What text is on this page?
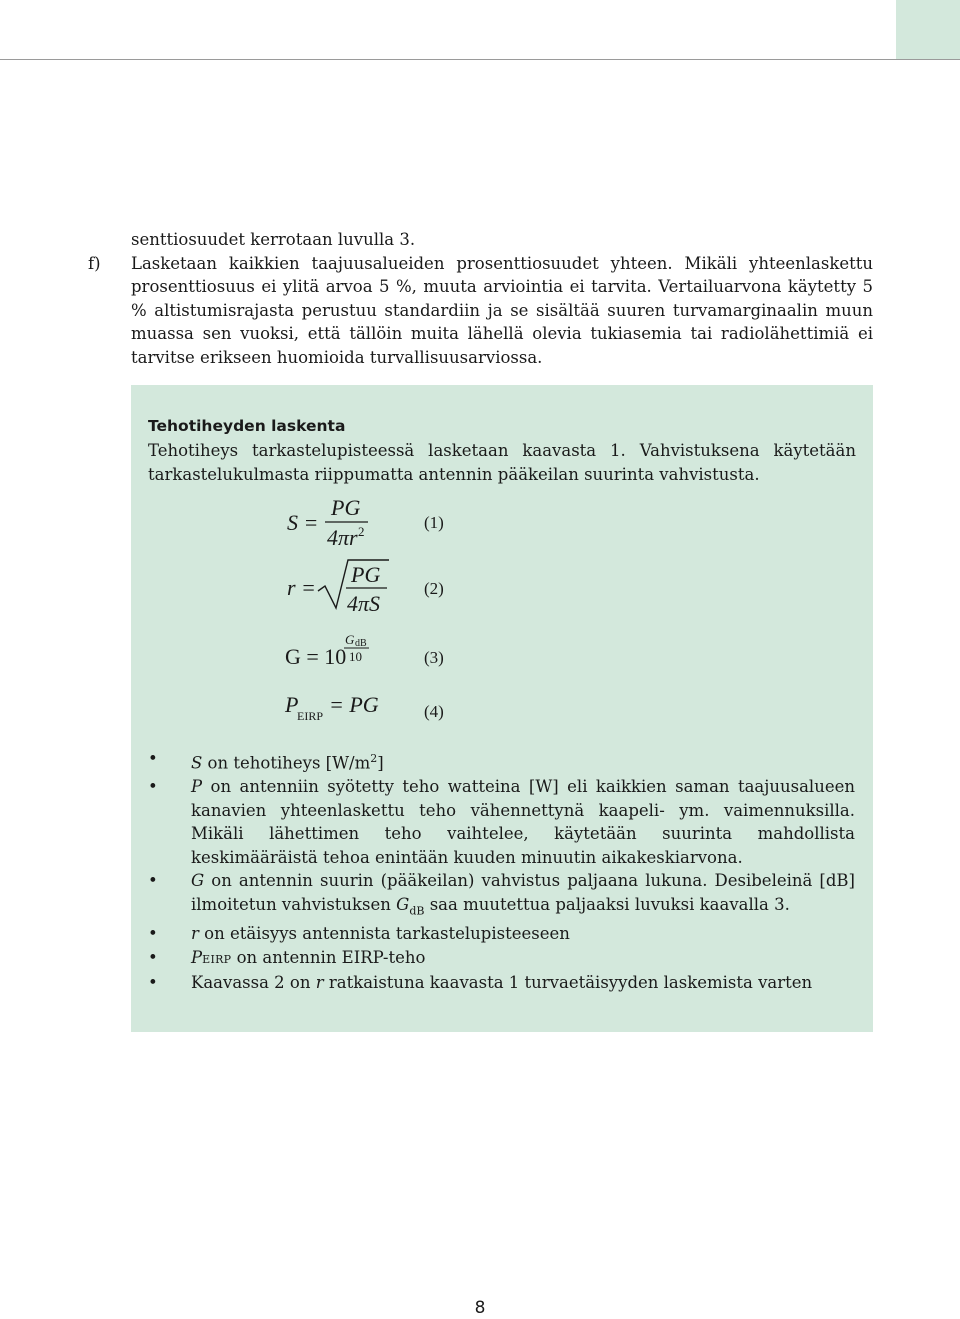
senttiosuudet kerrotaan luvulla 3.

f) Lasketaan kaikkien taajuusalueiden prosenttiosuudet yhteen. Mikäli yhteenlaskettu prosenttiosuus ei ylitä arvoa 5 %, muuta arviointia ei tarvita. Vertailuarvona käytetty 5 % altistumisrajasta perustuu standardiin ja se sisältää suuren turvamarginaalin muun muassa sen vuoksi, että tällöin muita lähellä olevia tukiasemia tai radiolähettimiä ei tarvitse erikseen huomioida turvallisuusarviossa.

Tehotiheyden laskenta

Tehotiheys tarkastelupisteessä lasketaan kaavasta 1. Vahvistuksena käytetään tarkastelukulmasta riippumatta antennin pääkeilan suurinta vahvistusta.

S =
PG
4πr 2	(1)
r =
PG
4πS
(2)
G = 10
G dB
10	(3)
P
EIRP = PG	(4)
• S on tehotiheys $[W/m^2]$
• P on antenniin syötetty teho watteina [W] eli kaikkien saman taajuusalueen kanavien yhteenlaskettu teho vähennettynä kaapeli- ym. vaimennuksilla. Mikäli lähettimen teho vaihtelee, käytetään suurinta mahdollista keskimääräistä tehoa enintään kuuden minuutin aikakeskiarvona.
• G on antennin suurin (pääkeilan) vahvistus paljaana lukuna. Desibeleinä [dB] ilmoitetun vahvistuksen $G_{dB}$ saa muutettua paljaaksi luvuksi kaavalla 3.
• r on etäisyys antennista tarkastelupisteeseen
• PEIRP on antennin EIRP-teho
• Kaavassa 2 on r ratkaistuna kaavasta 1 turvaetäisyyden laskemista varten
8
